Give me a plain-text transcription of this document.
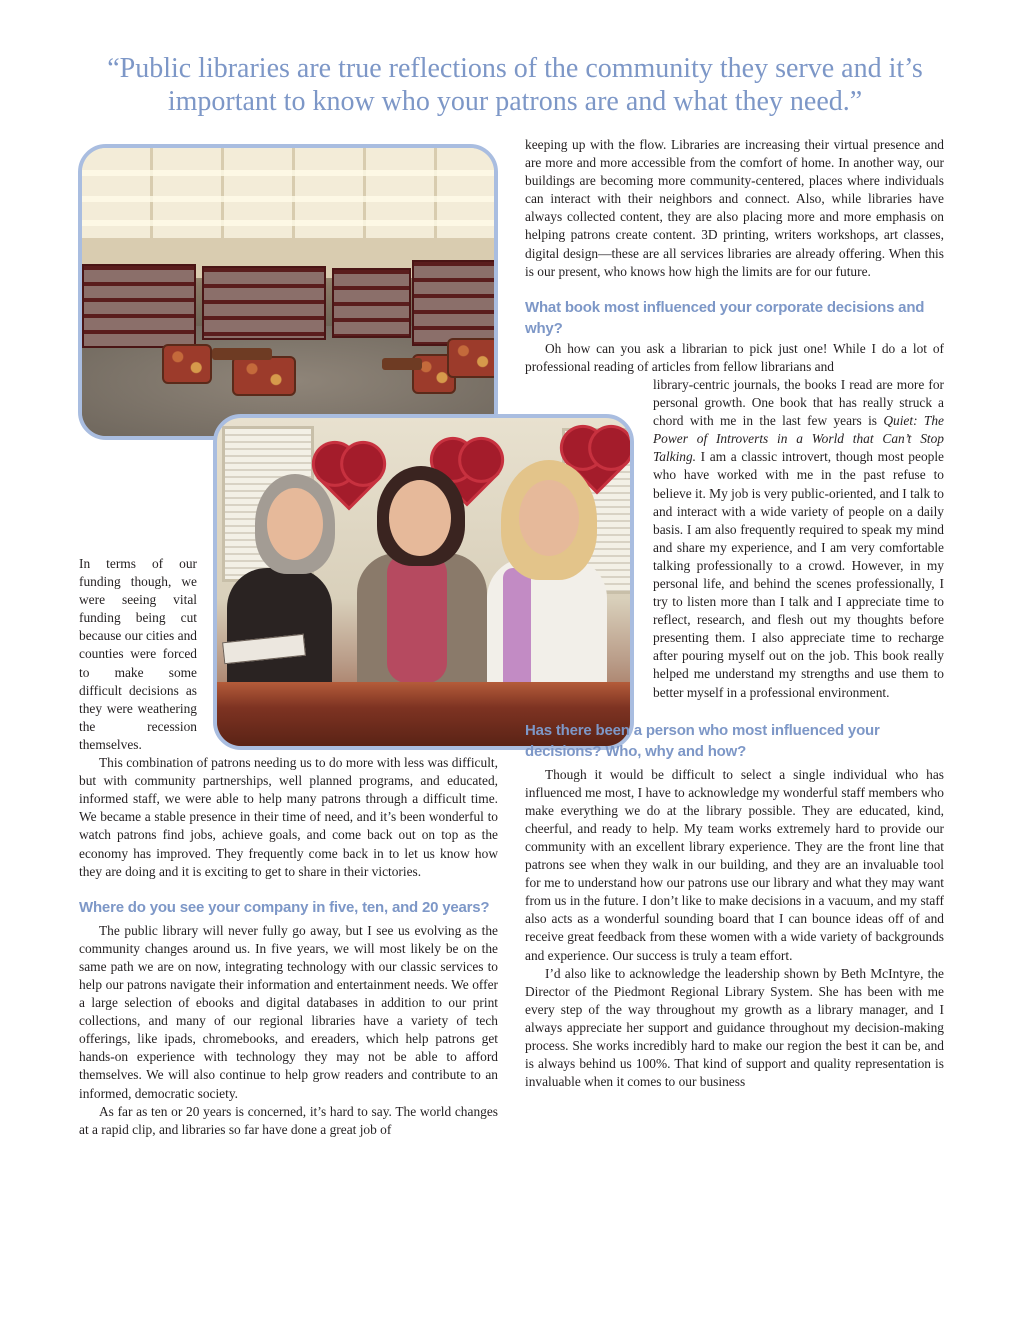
“Public libraries are true reflections of the community they serve and it’s important to know who your patrons are and what they need.”

In terms of our funding though, we were seeing vital funding being cut because our cities and counties were forced to make some difficult decisions as they were weathering the recession themselves.

This combination of patrons needing us to do more with less was difficult, but with community partnerships, well planned programs, and educated, informed staff, we were able to help many patrons through a difficult time. We became a stable presence in their time of need, and it’s been wonderful to watch patrons find jobs, achieve goals, and come back out on top as the economy has improved. They frequently come back in to let us know how they are doing and it is exciting to get to share in their victories.

Where do you see your company in five, ten, and 20 years?

The public library will never fully go away, but I see us evolving as the community changes around us. In five years, we will most likely be on the same path we are on now, integrating technology with our classic services to help our patrons navigate their information and entertainment needs. We offer a large selection of ebooks and digital databases in addition to our print collections, and many of our regional libraries have a variety of tech offerings, like ipads, chromebooks, and ereaders, which help patrons get hands-on experience with technology they may not be able to afford themselves. We will also continue to help grow readers and contribute to an informed, democratic society.

As far as ten or 20 years is concerned, it’s hard to say. The world changes at a rapid clip, and libraries so far have done a great job of

keeping up with the flow. Libraries are increasing their virtual presence and are more and more accessible from the comfort of home. In another way, our buildings are becoming more community-centered, places where individuals can interact with their neighbors and connect. Also, while libraries have always collected content, they are also placing more and more emphasis on helping patrons create content. 3D printing, writers workshops, art classes, digital design—these are all services libraries are already offering. When this is our present, who knows how high the limits are for our future.

What book most influenced your corporate decisions and why?

Oh how can you ask a librarian to pick just one! While I do a lot of professional reading of articles from fellow librarians and

library-centric journals, the books I read are more for personal growth. One book that has really struck a chord with me in the last few years is Quiet: The Power of Introverts in a World that Can’t Stop Talking. I am a classic introvert, though most people who have worked with me in the past refuse to believe it. My job is very public-oriented, and I talk to and interact with a wide variety of people on a daily basis. I am also frequently required to speak my mind and share my experience, and I am very comfortable talking professionally to a crowd. However, in my personal life, and behind the scenes professionally, I try to listen more than I talk and I appreciate time to reflect, research, and flesh out my thoughts before presenting them. I also appreciate time to recharge after pouring myself out on the job. This book really helped me understand my strengths and use them to better myself in a professional environment.

Has there been a person who most influenced your decisions? Who, why and how?

Though it would be difficult to select a single individual who has influenced me most, I have to acknowledge my wonderful staff members who make everything we do at the library possible. They are educated, kind, cheerful, and ready to help. My team works extremely hard to provide our community with an excellent library experience. They are the front line that patrons see when they walk in our building, and they are an invaluable tool for me to understand how our patrons use our library and what they may want from us in the future. I don’t like to make decisions in a vacuum, and my staff also acts as a wonderful sounding board that I can bounce ideas off of and receive great feedback from these women with a wide variety of backgrounds and experience. Our success is truly a team effort.

I’d also like to acknowledge the leadership shown by Beth McIntyre, the Director of the Piedmont Regional Library System. She has been with me every step of the way throughout my growth as a library manager, and I always appreciate her support and guidance throughout my decision-making process. She works incredibly hard to make our region the best it can be, and is always behind us 100%. That kind of support and quality representation is invaluable when it comes to our business
